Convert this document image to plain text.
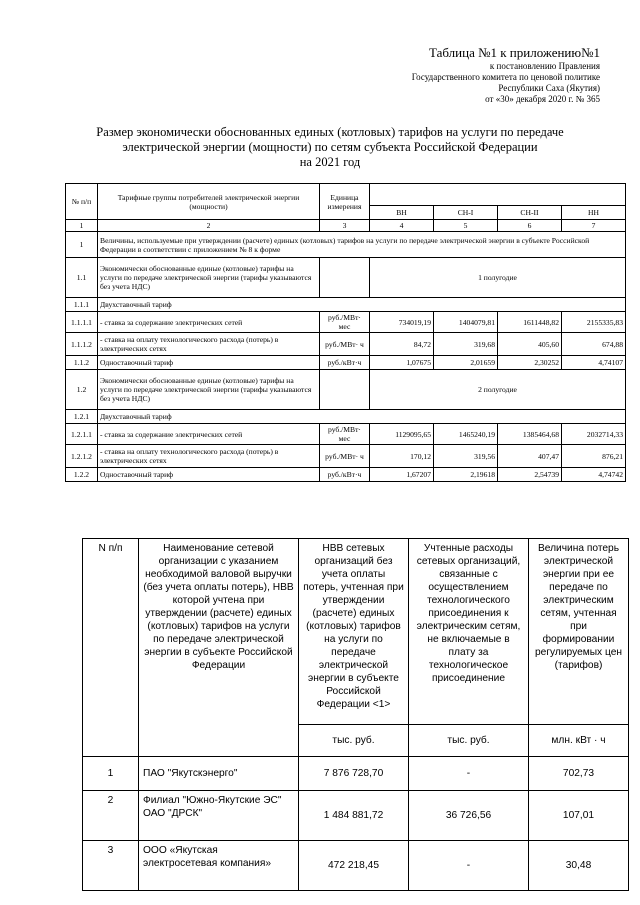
Таблица №1 к приложению№1
к постановлению Правления
Государственного комитета по ценовой политике
Республики Саха (Якутия)
от «30» декабря 2020 г. № 365
Размер экономически обоснованных единых (котловых) тарифов на услуги по передаче
электрической энергии (мощности) по сетям субъекта Российской Федерации
на 2021 год
№ п/п	Тарифные группы потребителей электрической энергии (мощности)	Единица измерения				
			ВН	СН-I	СН-II	НН
1	2	3	4	5	6	7
1	Величины, используемые при утверждении (расчете) единых (котловых) тарифов на услуги по передаче электрической энергии в субъекте Российской Федерации в соответствии с приложением № 8 к форме					
1.1	Экономически обоснованные единые (котловые) тарифы на услуги по передаче электрической энергии (тарифы указываются без учета НДС)		1 полугодие			
1.1.1	Двухставочный тариф					
1.1.1.1	- ставка за содержание электрических сетей	руб./МВт· мес	734019,19	1404079,81	1611448,82	2155335,83
1.1.1.2	- ставка на оплату технологического расхода (потерь) в электрических сетях	руб./МВт· ч	84,72	319,68	405,60	674,88
1.1.2	Одноставочный тариф	руб./кВт·ч	1,07675	2,01659	2,30252	4,74107
1.2	Экономически обоснованные единые (котловые) тарифы на услуги по передаче электрической энергии (тарифы указываются без учета НДС)		2 полугодие			
1.2.1	Двухставочный тариф					
1.2.1.1	- ставка за содержание электрических сетей	руб./МВт· мес	1129095,65	1465240,19	1385464,68	2032714,33
1.2.1.2	- ставка на оплату технологического расхода (потерь) в электрических сетях	руб./МВт· ч	170,12	319,56	407,47	876,21
1.2.2	Одноставочный тариф	руб./кВт·ч	1,67207	2,19618	2,54739	4,74742
N п/п	Наименование сетевой организации с указанием необходимой валовой выручки (без учета оплаты потерь), НВВ которой учтена при утверждении (расчете) единых (котловых) тарифов на услуги по передаче электрической энергии в субъекте Российской Федерации	НВВ сетевых организаций без учета оплаты потерь, учтенная при утверждении (расчете) единых (котловых) тарифов на услуги по передаче электрической энергии в субъекте Российской Федерации <1>	Учтенные расходы сетевых организаций, связанные с осуществлением технологического присоединения к электрическим сетям, не включаемые в плату за технологическое присоединение	Величина потерь электрической энергии при ее передаче по электрическим сетям, учтенная при формировании регулируемых цен (тарифов)
		тыс. руб.	тыс. руб.	млн. кВт · ч
1	ПАО "Якутскэнерго"	7 876 728,70	-	702,73
2	Филиал "Южно-Якутские ЭС" ОАО "ДРСК"	1 484 881,72	36 726,56	107,01
3	ООО «Якутская электросетевая компания»	472 218,45	-	30,48
